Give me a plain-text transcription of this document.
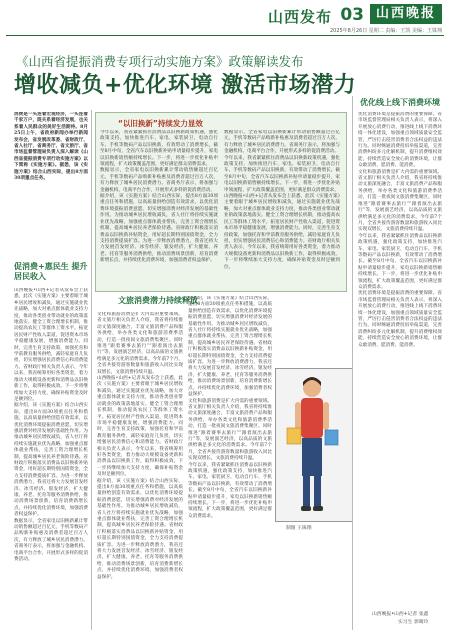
山西发布 03 山西晚报
2025年8月26日 星期二 责编：王凯 美编：王铢翔
《山西省提振消费专项行动实施方案》政策解读发布
增收减负+优化环境 激活市场潜力
消费是一头连着宏观经济，一头连着千家万户，既关系着经济发展，也关系着人民群众的美好生活期待。8月25日上午，省政府新闻办举行新闻发布会，省发展改革委、省财政厅、省人社厅、省商务厅、省文旅厅、省市场监督管理局负责人深入解读《山西省提振消费专项行动实施方案》以下简称《实施方案》。据悉，该《实施方案》结合山西实际，提出8方面30项重点任务。
促消费+惠民生 提升居民收入
山西晚报•山西+记者从发布会上获悉，此次《实施方案》主要着眼于城乡居民增收和减负，通过实施就业优先战略，加大对重点群体就业支持力度，推动各类创业带动就业的政策落地落实。健全工资合理增长机制，推动提高农民工等群体工资水平。拓宽居民财产性收入渠道，促进资本市场平稳健康发展，增强消费能力。同时，完善生育支持政策，加强托育和学前教育服务供给，减轻家庭育儿负担，切实增强居民消费信心和消费能力。省财政厅相关负责人表示，今年以来，我省统筹用好各类资金，着力推动大规模设备更新和消费品以旧换新工作，取得积极成效。下一步将继续加大支持力度，确保补贴资金及时足额到位。
据介绍，该《实施方案》结合山西实际，提出8方面30项重点任务和措施，以高质量供给创造有效需求，以优化消费环境提振消费意愿，切实增强消费对经济发展的基础性作用。为推动城乡居民增收减负，省人社厅将持续实施就业优先战略，加强重点群体就业帮扶，完善工资合理增长机制，提高城乡居民养老保险待遇。省财政厅积极落实消费品以旧换新补贴资金，用好超长期特别国债资金，全力支持消费提质扩容。为进一步释放消费潜力，我省还将大力发展首发经济、冰雪经济、银发经济，扩大健康、养老、托育等服务消费供给，推动消费场景创新，培育消费新增长点，并持续优化消费环境，加强消费者权益保护。
数据显示，全省家电以旧换新累计带动销售额超过百亿元，手机等数码产品购新补贴惠及消费者超过百万人次，有力释放了城乡居民消费潜力。省商务厅表示，将加强与金融机构、电商平台合作，开展形式多样的促消费活动。
“以旧换新”持续发力显效
今年以来，我省紧紧抓住消费品以旧换新政策机遇，强化政策支持，加快推进汽车、家电、家装厨卫、电动自行车、手机等数码产品以旧换新，有效带动了消费增长。截至8月中旬，全省汽车以旧换新补贴申请量稳步提升，家电以旧换新销售额持续增长。下一步，将进一步优化补贴申领流程，扩大政策覆盖范围，更好满足群众消费需求。
数据显示，全省家电以旧换新累计带动销售额超过百亿元，手机等数码产品购新补贴惠及消费者超过百万人次，有力释放了城乡居民消费潜力。省商务厅表示，将加强与金融机构、电商平台合作，开展形式多样的促消费活动。
据介绍，该《实施方案》结合山西实际，提出8方面30项重点任务和措施，以高质量供给创造有效需求，以优化消费环境提振消费意愿，切实增强消费对经济发展的基础性作用。为推动城乡居民增收减负，省人社厅将持续实施就业优先战略，加强重点群体就业帮扶，完善工资合理增长机制，提高城乡居民养老保险待遇。省财政厅积极落实消费品以旧换新补贴资金，用好超长期特别国债资金，全力支持消费提质扩容。为进一步释放消费潜力，我省还将大力发展首发经济、冰雪经济、银发经济，扩大健康、养老、托育等服务消费供给，推动消费场景创新，培育消费新增长点，并持续优化消费环境，加强消费者权益保护。
数据显示，全省家电以旧换新累计带动销售额超过百亿元，手机等数码产品购新补贴惠及消费者超过百万人次，有力释放了城乡居民消费潜力。省商务厅表示，将加强与金融机构、电商平台合作，开展形式多样的促消费活动。
今年以来，我省紧紧抓住消费品以旧换新政策机遇，强化政策支持，加快推进汽车、家电、家装厨卫、电动自行车、手机等数码产品以旧换新，有效带动了消费增长。截至8月中旬，全省汽车以旧换新补贴申请量稳步提升，家电以旧换新销售额持续增长。下一步，将进一步优化补贴申领流程，扩大政策覆盖范围，更好满足群众消费需求。
山西晚报•山西+记者从发布会上获悉，此次《实施方案》主要着眼于城乡居民增收和减负，通过实施就业优先战略，加大对重点群体就业支持力度，推动各类创业带动就业的政策落地落实。健全工资合理增长机制，推动提高农民工等群体工资水平。拓宽居民财产性收入渠道，促进资本市场平稳健康发展，增强消费能力。同时，完善生育支持政策，加强托育和学前教育服务供给，减轻家庭育儿负担，切实增强居民消费信心和消费能力。省财政厅相关负责人表示，今年以来，我省统筹用好各类资金，着力推动大规模设备更新和消费品以旧换新工作，取得积极成效。下一步将继续加大支持力度，确保补贴资金及时足额到位。
文旅消费潜力持续释放
文化和旅游消费是扩大内需的重要领域。省文旅厅相关负责人介绍，我省将持续推动文旅深度融合，丰富文旅消费产品和服务供给，举办各类文化和旅游消费季活动，打造一批夜间文旅消费集聚区。同时推进“跟着赛事去旅行”“跟着演出去旅行”等，发展演艺经济，以高品质的文旅供给满足多元化的消费需求。今年前7个月，全省共接待游客数量和旅游收入同比实现双增长，文旅消费持续升温。
山西晚报•山西+记者从发布会上获悉，此次《实施方案》主要着眼于城乡居民增收和减负，通过实施就业优先战略，加大对重点群体就业支持力度，推动各类创业带动就业的政策落地落实。健全工资合理增长机制，推动提高农民工等群体工资水平。拓宽居民财产性收入渠道，促进资本市场平稳健康发展，增强消费能力。同时，完善生育支持政策，加强托育和学前教育服务供给，减轻家庭育儿负担，切实增强居民消费信心和消费能力。省财政厅相关负责人表示，今年以来，我省统筹用好各类资金，着力推动大规模设备更新和消费品以旧换新工作，取得积极成效。下一步将继续加大支持力度，确保补贴资金及时足额到位。
据介绍，该《实施方案》结合山西实际，提出8方面30项重点任务和措施，以高质量供给创造有效需求，以优化消费环境提振消费意愿，切实增强消费对经济发展的基础性作用。为推动城乡居民增收减负，省人社厅将持续实施就业优先战略，加强重点群体就业帮扶，完善工资合理增长机制，提高城乡居民养老保险待遇。省财政厅积极落实消费品以旧换新补贴资金，用好超长期特别国债资金，全力支持消费提质扩容。为进一步释放消费潜力，我省还将大力发展首发经济、冰雪经济、银发经济，扩大健康、养老、托育等服务消费供给，推动消费场景创新，培育消费新增长点，并持续优化消费环境，加强消费者权益保护。
据介绍，该《实施方案》结合山西实际，提出8方面30项重点任务和措施，以高质量供给创造有效需求，以优化消费环境提振消费意愿，切实增强消费对经济发展的基础性作用。为推动城乡居民增收减负，省人社厅将持续实施就业优先战略，加强重点群体就业帮扶，完善工资合理增长机制，提高城乡居民养老保险待遇。省财政厅积极落实消费品以旧换新补贴资金，用好超长期特别国债资金，全力支持消费提质扩容。为进一步释放消费潜力，我省还将大力发展首发经济、冰雪经济、银发经济，扩大健康、养老、托育等服务消费供给，推动消费场景创新，培育消费新增长点，并持续优化消费环境，加强消费者权益保护。
文化和旅游消费是扩大内需的重要领域。省文旅厅相关负责人介绍，我省将持续推动文旅深度融合，丰富文旅消费产品和服务供给，举办各类文化和旅游消费季活动，打造一批夜间文旅消费集聚区。同时推进“跟着赛事去旅行”“跟着演出去旅行”等，发展演艺经济，以高品质的文旅供给满足多元化的消费需求。今年前7个月，全省共接待游客数量和旅游收入同比实现双增长，文旅消费持续升温。
今年以来，我省紧紧抓住消费品以旧换新政策机遇，强化政策支持，加快推进汽车、家电、家装厨卫、电动自行车、手机等数码产品以旧换新，有效带动了消费增长。截至8月中旬，全省汽车以旧换新补贴申请量稳步提升，家电以旧换新销售额持续增长。下一步，将进一步优化补贴申领流程，扩大政策覆盖范围，更好满足群众消费需求。
制图 王铢翔
优化线上线下消费环境
优化消费环境是提振消费的重要保障。省市场监督管理局相关负责人表示，将深入开展放心消费行动，推进线上线下消费环境一体化建设，加强重点领域质量安全监管，严厉打击侵害消费者合法权益的违法行为。同时畅通消费投诉举报渠道，完善消费纠纷多元化解机制，提升消费维权效能，持续营造安全放心的消费环境，让群众敢消费、愿消费、能消费。
文化和旅游消费是扩大内需的重要领域。省文旅厅相关负责人介绍，我省将持续推动文旅深度融合，丰富文旅消费产品和服务供给，举办各类文化和旅游消费季活动，打造一批夜间文旅消费集聚区。同时推进“跟着赛事去旅行”“跟着演出去旅行”等，发展演艺经济，以高品质的文旅供给满足多元化的消费需求。今年前7个月，全省共接待游客数量和旅游收入同比实现双增长，文旅消费持续升温。
今年以来，我省紧紧抓住消费品以旧换新政策机遇，强化政策支持，加快推进汽车、家电、家装厨卫、电动自行车、手机等数码产品以旧换新，有效带动了消费增长。截至8月中旬，全省汽车以旧换新补贴申请量稳步提升，家电以旧换新销售额持续增长。下一步，将进一步优化补贴申领流程，扩大政策覆盖范围，更好满足群众消费需求。
优化消费环境是提振消费的重要保障。省市场监督管理局相关负责人表示，将深入开展放心消费行动，推进线上线下消费环境一体化建设，加强重点领域质量安全监管，严厉打击侵害消费者合法权益的违法行为。同时畅通消费投诉举报渠道，完善消费纠纷多元化解机制，提升消费维权效能，持续营造安全放心的消费环境，让群众敢消费、愿消费、能消费。
山西晚报•山西+记者 张鑫
实习生 郭晴玲
